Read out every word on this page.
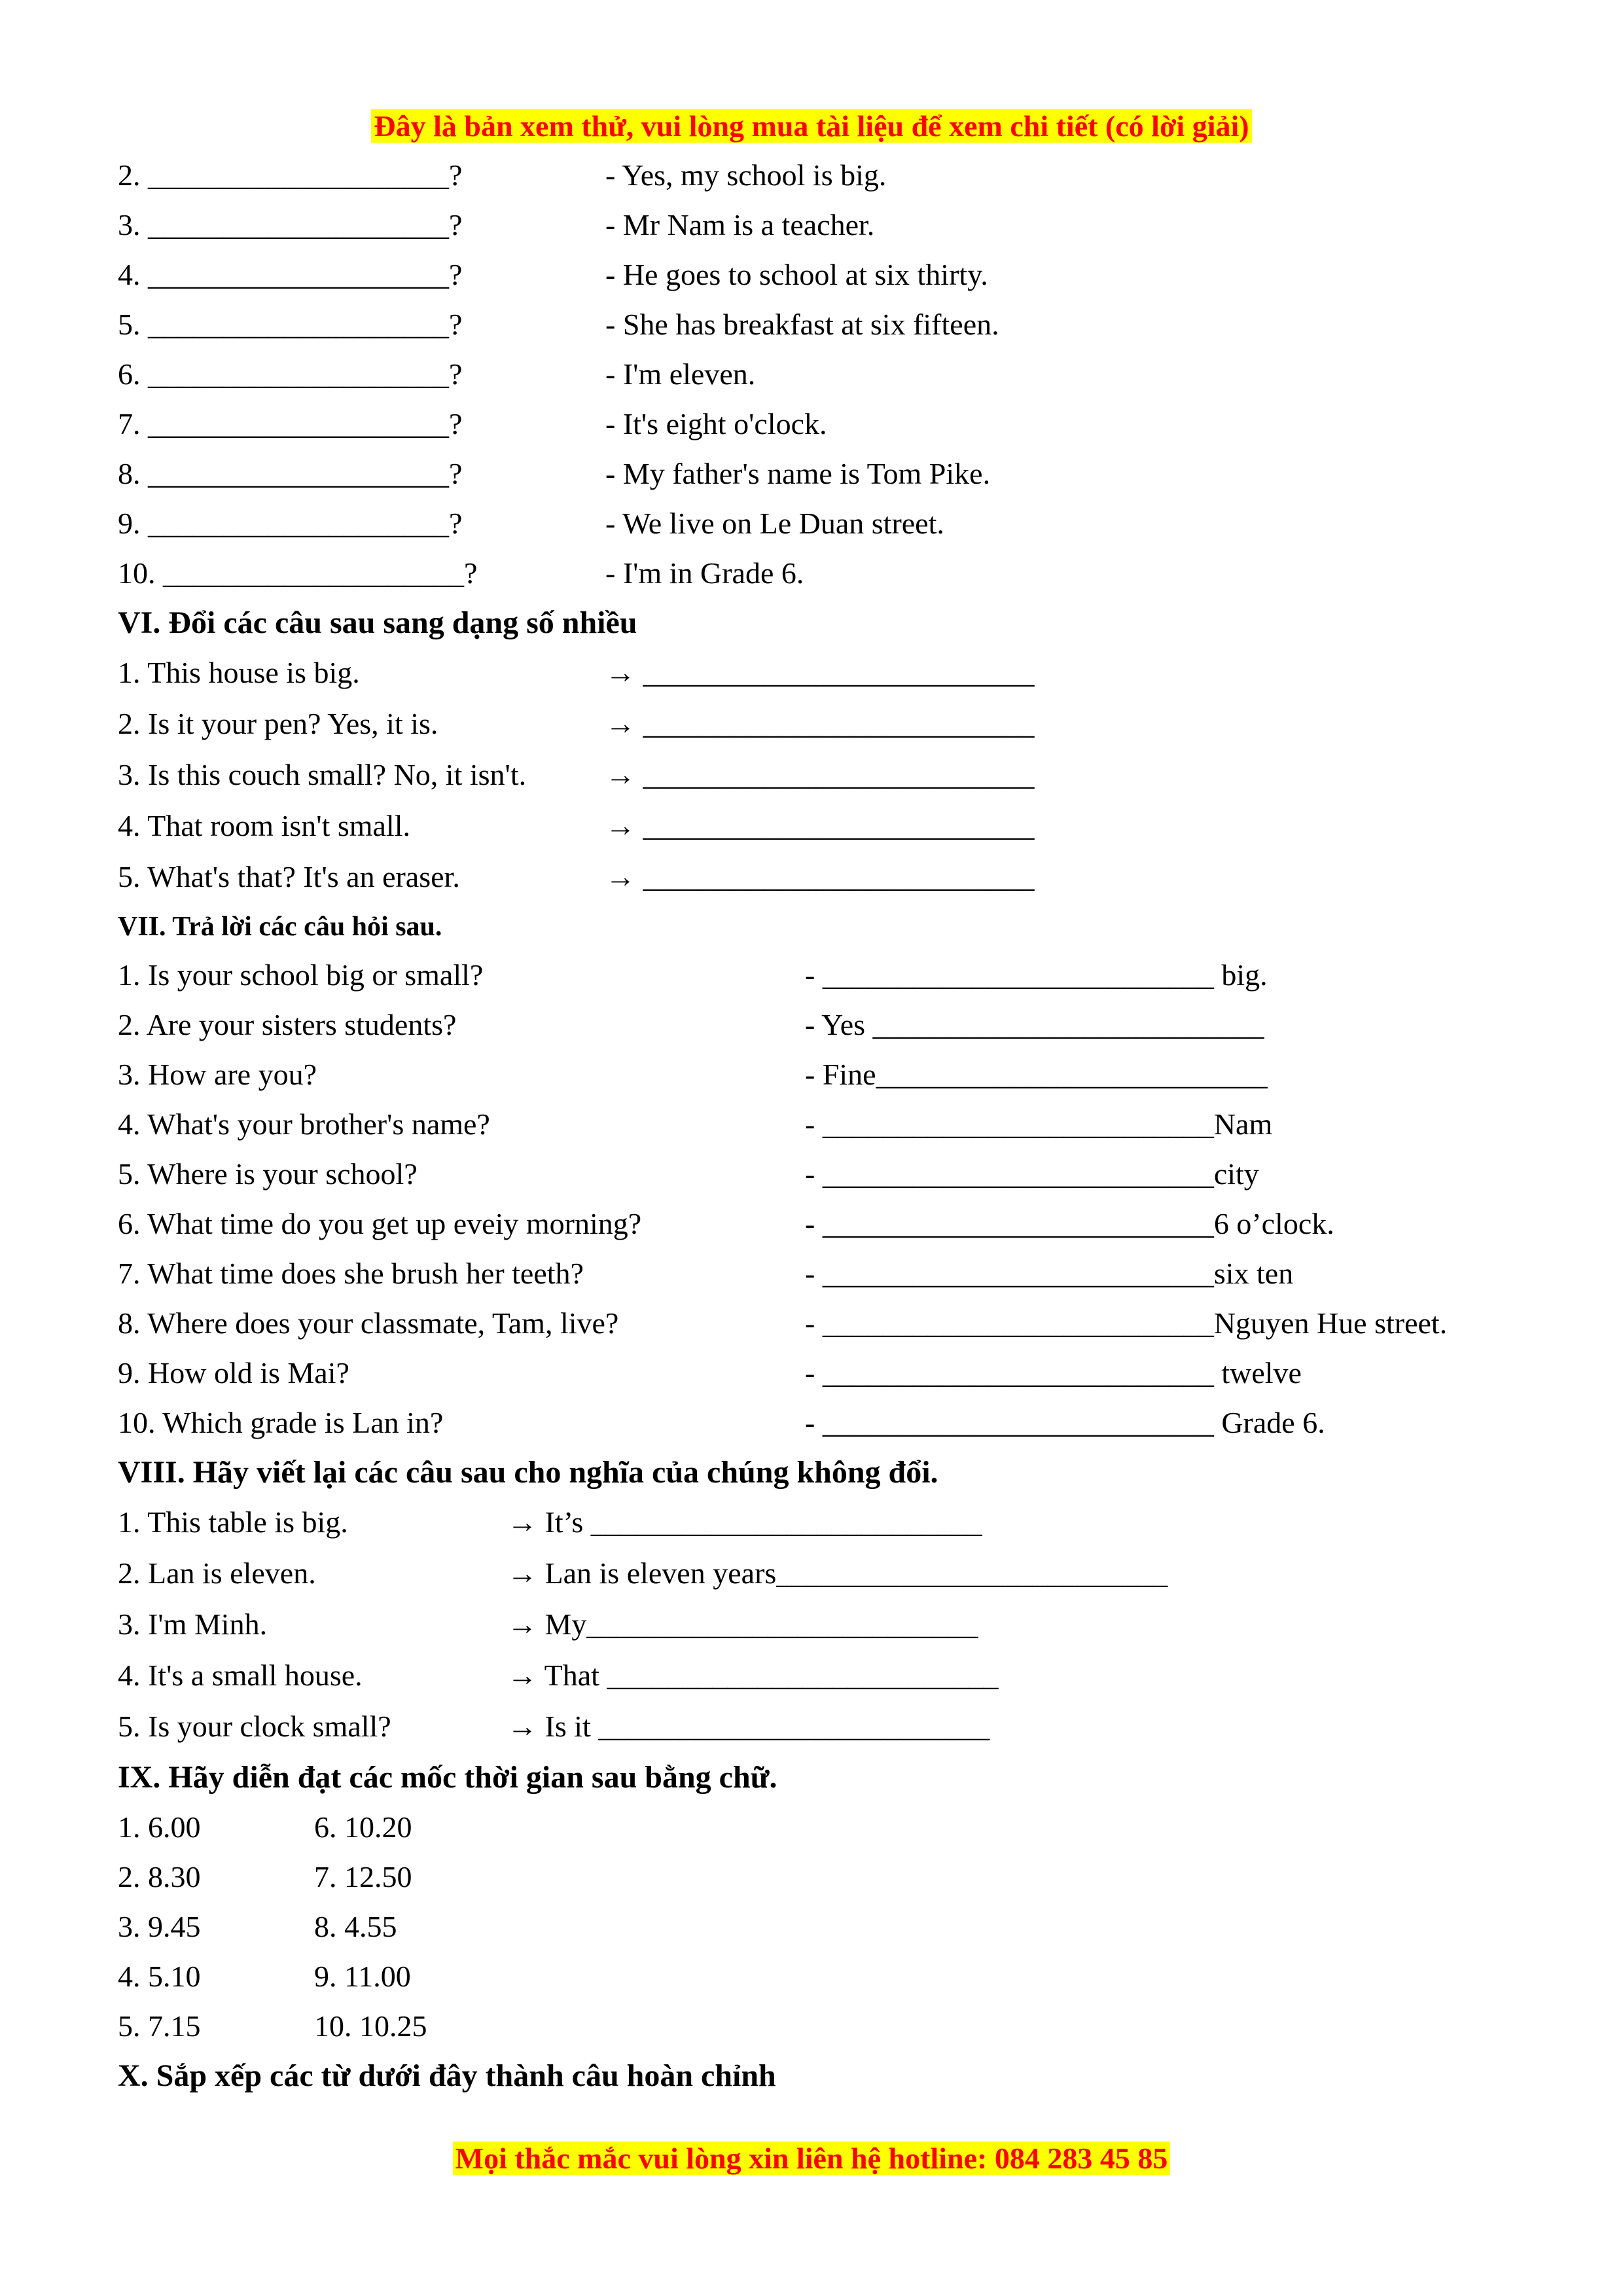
Đây là bản xem thử, vui lòng mua tài liệu để xem chi tiết (có lời giải)

2. ____________________?

	- Yes, my school is big.

3. ____________________?

	- Mr Nam is a teacher.

4. ____________________?

	- He goes to school at six thirty.

5. ____________________?

	- She has breakfast at six fifteen.

6. ____________________?

	- I'm eleven.

7. ____________________?

	- It's eight o'clock.

8. ____________________?

	- My father's name is Tom Pike.

9. ____________________?

	- We live on Le Duan street.

10. ____________________?

	- I'm in Grade 6.

VI. Đổi các câu sau sang dạng số nhiều

1. This house is big.

	→ __________________________

2. Is it your pen? Yes, it is.

	→ __________________________

3. Is this couch small? No, it isn't.

	→ __________________________

4. That room isn't small.

	→ __________________________

5. What's that? It's an eraser.

	→ __________________________

VII. Trả lời các câu hỏi sau.

1. Is your school big or small?

	- __________________________ big.

2. Are your sisters students?

	- Yes __________________________

3. How are you?

	- Fine__________________________

4. What's your brother's name?

	- __________________________Nam

5. Where is your school?

	- __________________________city

6. What time do you get up eveiy morning?

	- __________________________6 o’clock.

7. What time does she brush her teeth?

	- __________________________six ten

8. Where does your classmate, Tam, live?

	- __________________________Nguyen Hue street.

9. How old is Mai?

	- __________________________ twelve

10. Which grade is Lan in?

	- __________________________ Grade 6.

VIII. Hãy viết lại các câu sau cho nghĩa của chúng không đổi.

1. This table is big.

	→ It’s __________________________

2. Lan is eleven.

	→ Lan is eleven years__________________________

3. I'm Minh.

	→ My__________________________

4. It's a small house.

	→ That __________________________

5. Is your clock small?

	→ Is it __________________________

IX. Hãy diễn đạt các mốc thời gian sau bằng chữ.

1. 6.00

	6. 10.20

2. 8.30

	7. 12.50

3. 9.45

	8. 4.55

4. 5.10

	9. 11.00

5. 7.15

	10. 10.25

X. Sắp xếp các từ dưới đây thành câu hoàn chỉnh
Mọi thắc mắc vui lòng xin liên hệ hotline: 084 283 45 85
